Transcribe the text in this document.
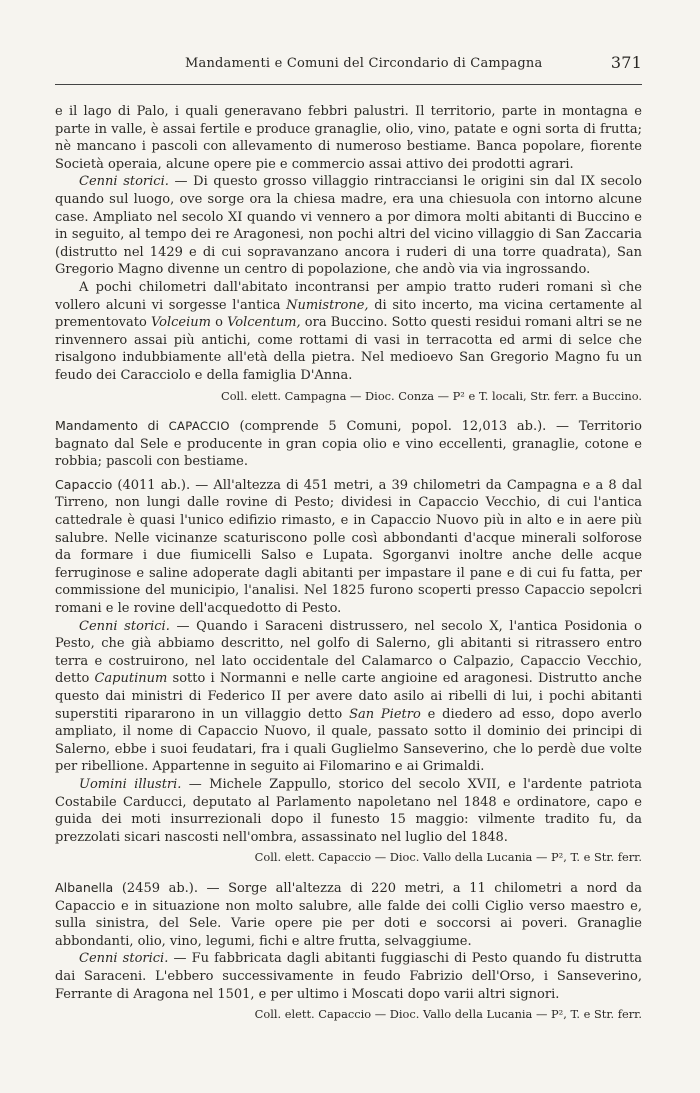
Mandamenti e Comuni del Circondario di Campagna	371

e il lago di Palo, i quali generavano febbri palustri. Il territorio, parte in montagna e parte in valle, è assai fertile e produce granaglie, olio, vino, patate e ogni sorta di frutta; nè mancano i pascoli con allevamento di numeroso bestiame. Banca popolare, fiorente Società operaia, alcune opere pie e commercio assai attivo dei prodotti agrari.

Cenni storici. — Di questo grosso villaggio rintracciansi le origini sin dal IX secolo quando sul luogo, ove sorge ora la chiesa madre, era una chiesuola con intorno alcune case. Ampliato nel secolo XI quando vi vennero a por dimora molti abitanti di Buccino e in seguito, al tempo dei re Aragonesi, non pochi altri del vicino villaggio di San Zaccaria (distrutto nel 1429 e di cui sopravanzano ancora i ruderi di una torre quadrata), San Gregorio Magno divenne un centro di popolazione, che andò via via ingrossando.

A pochi chilometri dall'abitato incontransi per ampio tratto ruderi romani sì che vollero alcuni vi sorgesse l'antica Numistrone, di sito incerto, ma vicina certamente al prementovato Volceium o Volcentum, ora Buccino. Sotto questi residui romani altri se ne rinvennero assai più antichi, come rottami di vasi in terracotta ed armi di selce che risalgono indubbiamente all'età della pietra. Nel medioevo San Gregorio Magno fu un feudo dei Caracciolo e della famiglia D'Anna.

Coll. elett. Campagna — Dioc. Conza — P² e T. locali, Str. ferr. a Buccino.

Mandamento di CAPACCIO (comprende 5 Comuni, popol. 12,013 ab.). — Territorio bagnato dal Sele e producente in gran copia olio e vino eccellenti, granaglie, cotone e robbia; pascoli con bestiame.

Capaccio (4011 ab.). — All'altezza di 451 metri, a 39 chilometri da Campagna e a 8 dal Tirreno, non lungi dalle rovine di Pesto; dividesi in Capaccio Vecchio, di cui l'antica cattedrale è quasi l'unico edifizio rimasto, e in Capaccio Nuovo più in alto e in aere più salubre. Nelle vicinanze scaturiscono polle così abbondanti d'acque minerali solforose da formare i due fiumicelli Salso e Lupata. Sgorganvi inoltre anche delle acque ferruginose e saline adoperate dagli abitanti per impastare il pane e di cui fu fatta, per commissione del municipio, l'analisi. Nel 1825 furono scoperti presso Capaccio sepolcri romani e le rovine dell'acquedotto di Pesto.

Cenni storici. — Quando i Saraceni distrussero, nel secolo X, l'antica Posidonia o Pesto, che già abbiamo descritto, nel golfo di Salerno, gli abitanti si ritrassero entro terra e costruirono, nel lato occidentale del Calamarco o Calpazio, Capaccio Vecchio, detto Caputinum sotto i Normanni e nelle carte angioine ed aragonesi. Distrutto anche questo dai ministri di Federico II per avere dato asilo ai ribelli di lui, i pochi abitanti superstiti ripararono in un villaggio detto San Pietro e diedero ad esso, dopo averlo ampliato, il nome di Capaccio Nuovo, il quale, passato sotto il dominio dei principi di Salerno, ebbe i suoi feudatari, fra i quali Guglielmo Sanseverino, che lo perdè due volte per ribellione. Appartenne in seguito ai Filomarino e ai Grimaldi.

Uomini illustri. — Michele Zappullo, storico del secolo XVII, e l'ardente patriota Costabile Carducci, deputato al Parlamento napoletano nel 1848 e ordinatore, capo e guida dei moti insurrezionali dopo il funesto 15 maggio: vilmente tradito fu, da prezzolati sicari nascosti nell'ombra, assassinato nel luglio del 1848.

Coll. elett. Capaccio — Dioc. Vallo della Lucania — P², T. e Str. ferr.

Albanella (2459 ab.). — Sorge all'altezza di 220 metri, a 11 chilometri a nord da Capaccio e in situazione non molto salubre, alle falde dei colli Ciglio verso maestro e, sulla sinistra, del Sele. Varie opere pie per doti e soccorsi ai poveri. Granaglie abbondanti, olio, vino, legumi, fichi e altre frutta, selvaggiume.

Cenni storici. — Fu fabbricata dagli abitanti fuggiaschi di Pesto quando fu distrutta dai Saraceni. L'ebbero successivamente in feudo Fabrizio dell'Orso, i Sanseverino, Ferrante di Aragona nel 1501, e per ultimo i Moscati dopo varii altri signori.

Coll. elett. Capaccio — Dioc. Vallo della Lucania — P², T. e Str. ferr.
